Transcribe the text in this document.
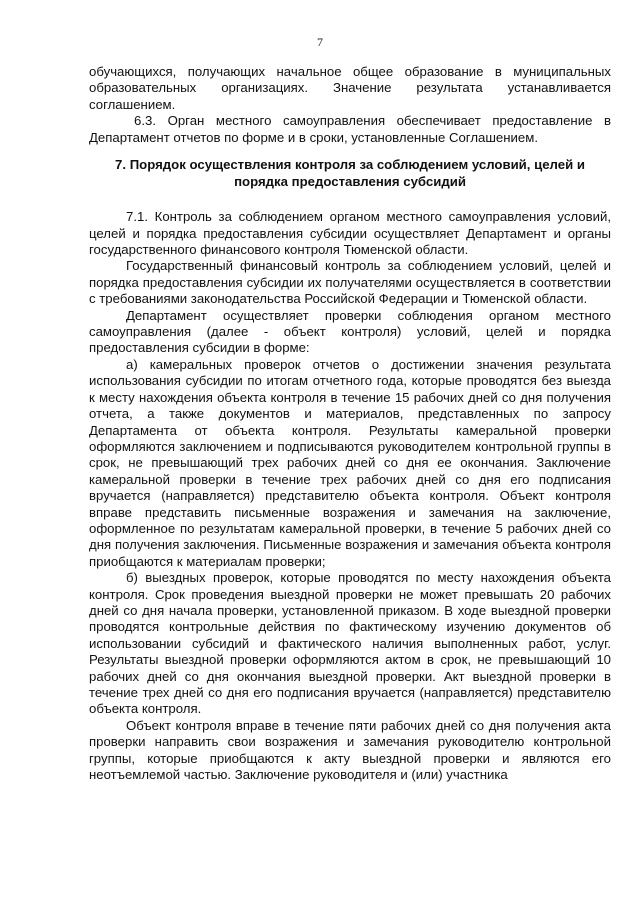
7

обучающихся, получающих начальное общее образование в муниципальных образовательных организациях. Значение результата устанавливается соглашением.

6.3. Орган местного самоуправления обеспечивает предоставление в Департамент отчетов по форме и в сроки, установленные Соглашением.

7. Порядок осуществления контроля за соблюдением условий, целей и
порядка предоставления субсидий

7.1. Контроль за соблюдением органом местного самоуправления условий, целей и порядка предоставления субсидии осуществляет Департамент и органы государственного финансового контроля Тюменской области.

Государственный финансовый контроль за соблюдением условий, целей и порядка предоставления субсидии их получателями осуществляется в соответствии с требованиями законодательства Российской Федерации и Тюменской области.

Департамент осуществляет проверки соблюдения органом местного самоуправления (далее - объект контроля) условий, целей и порядка предоставления субсидии в форме:

а) камеральных проверок отчетов о достижении значения результата использования субсидии по итогам отчетного года, которые проводятся без выезда к месту нахождения объекта контроля в течение 15 рабочих дней со дня получения отчета, а также документов и материалов, представленных по запросу Департамента от объекта контроля. Результаты камеральной проверки оформляются заключением и подписываются руководителем контрольной группы в срок, не превышающий трех рабочих дней со дня ее окончания. Заключение камеральной проверки в течение трех рабочих дней со дня его подписания вручается (направляется) представителю объекта контроля. Объект контроля вправе представить письменные возражения и замечания на заключение, оформленное по результатам камеральной проверки, в течение 5 рабочих дней со дня получения заключения. Письменные возражения и замечания объекта контроля приобщаются к материалам проверки;

б) выездных проверок, которые проводятся по месту нахождения объекта контроля. Срок проведения выездной проверки не может превышать 20 рабочих дней со дня начала проверки, установленной приказом. В ходе выездной проверки проводятся контрольные действия по фактическому изучению документов об использовании субсидий и фактического наличия выполненных работ, услуг. Результаты выездной проверки оформляются актом в срок, не превышающий 10 рабочих дней со дня окончания выездной проверки. Акт выездной проверки в течение трех дней со дня его подписания вручается (направляется) представителю объекта контроля.

Объект контроля вправе в течение пяти рабочих дней со дня получения акта проверки направить свои возражения и замечания руководителю контрольной группы, которые приобщаются к акту выездной проверки и являются его неотъемлемой частью. Заключение руководителя и (или) участника
